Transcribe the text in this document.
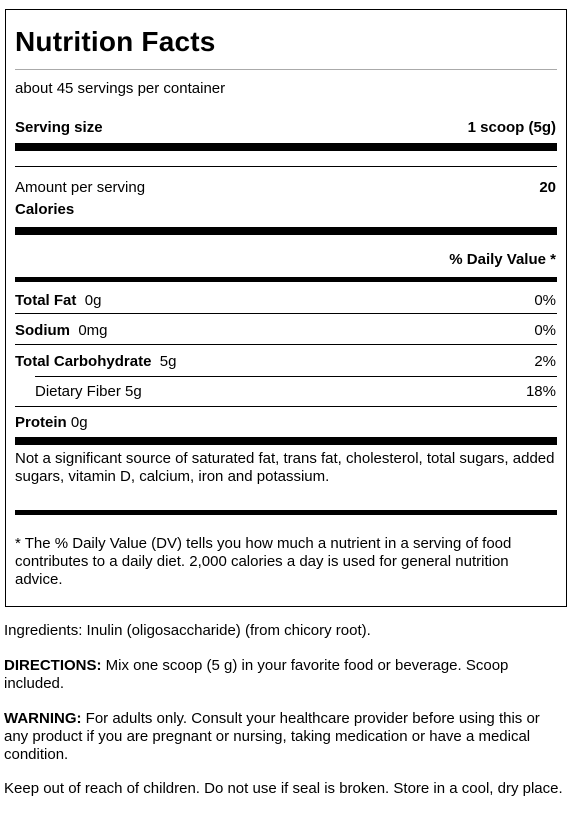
Nutrition Facts
about 45 servings per container
Serving size	1 scoop (5g)
Amount per serving
Calories
20
% Daily Value *
Total Fat 0g	0%
Sodium 0mg	0%
Total Carbohydrate 5g	2%
Dietary Fiber 5g	18%
Protein 0g
Not a significant source of saturated fat, trans fat, cholesterol, total sugars, added sugars, vitamin D, calcium, iron and potassium.
* The % Daily Value (DV) tells you how much a nutrient in a serving of food contributes to a daily diet. 2,000 calories a day is used for general nutrition advice.
Ingredients: Inulin (oligosaccharide) (from chicory root).
DIRECTIONS: Mix one scoop (5 g) in your favorite food or beverage. Scoop included.
WARNING: For adults only. Consult your healthcare provider before using this or any product if you are pregnant or nursing, taking medication or have a medical condition.
Keep out of reach of children. Do not use if seal is broken. Store in a cool, dry place.
